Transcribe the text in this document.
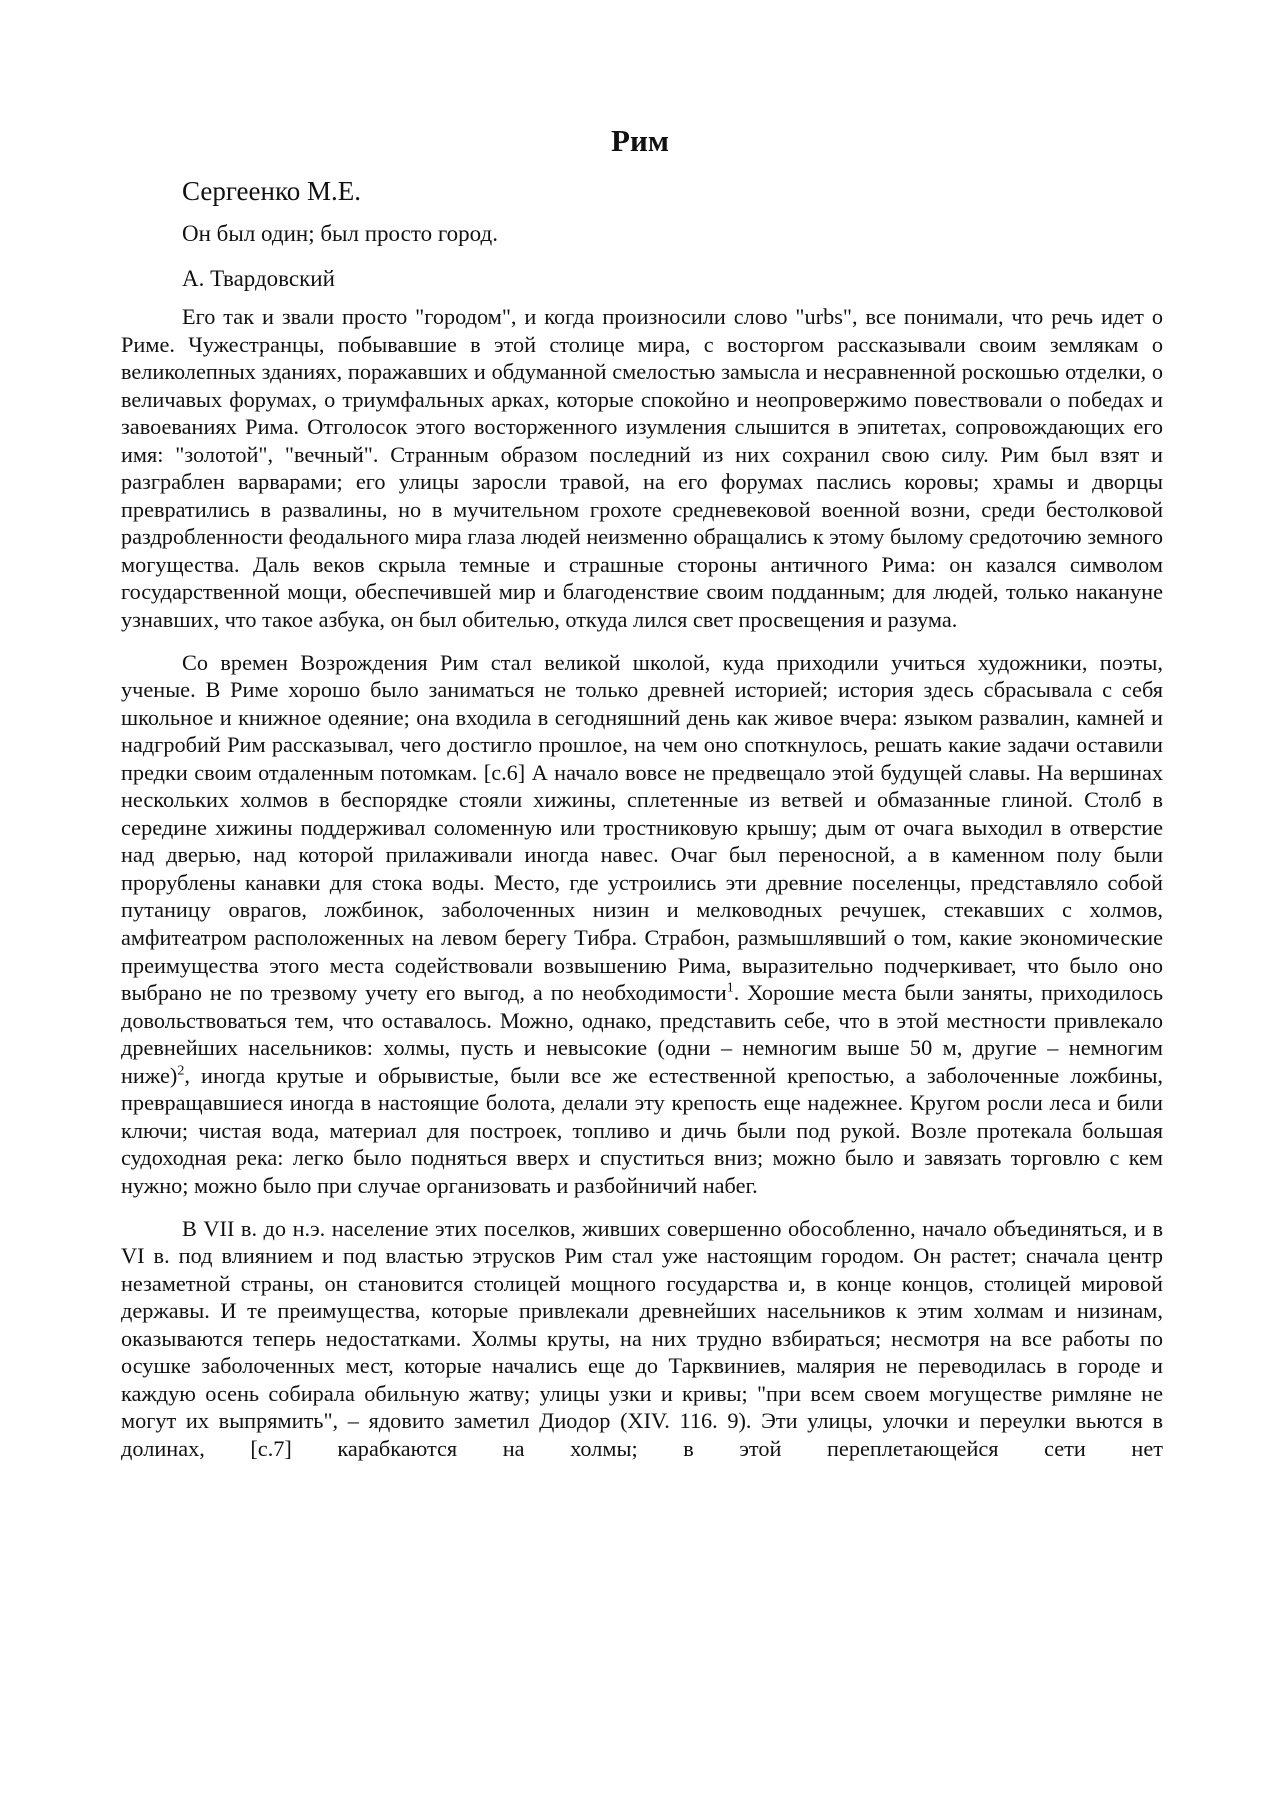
Рим
Сергеенко М.Е.
Он был один; был просто город.
А. Твардовский

Его так и звали просто "городом", и когда произносили слово "urbs", все понимали, что речь идет о Риме. Чужестранцы, побывавшие в этой столице мира, с восторгом рассказывали своим землякам о великолепных зданиях, поражавших и обдуманной смелостью замысла и несравненной роскошью отделки, о величавых форумах, о триумфальных арках, которые спокойно и неопровержимо повествовали о победах и завоеваниях Рима. Отголосок этого восторженного изумления слышится в эпитетах, сопровождающих его имя: "золотой", "вечный". Странным образом последний из них сохранил свою силу. Рим был взят и разграблен варварами; его улицы заросли травой, на его форумах паслись коровы; храмы и дворцы превратились в развалины, но в мучительном грохоте средневековой военной возни, среди бестолковой раздробленности феодального мира глаза людей неизменно обращались к этому былому средоточию земного могущества. Даль веков скрыла темные и страшные стороны античного Рима: он казался символом государственной мощи, обеспечившей мир и благоденствие своим подданным; для людей, только накануне узнавших, что такое азбука, он был обителью, откуда лился свет просвещения и разума.

Со времен Возрождения Рим стал великой школой, куда приходили учиться художники, поэты, ученые. В Риме хорошо было заниматься не только древней историей; история здесь сбрасывала с себя школьное и книжное одеяние; она входила в сегодняшний день как живое вчера: языком развалин, камней и надгробий Рим рассказывал, чего достигло прошлое, на чем оно споткнулось, решать какие задачи оставили предки своим отдаленным потомкам. [с.6] А начало вовсе не предвещало этой будущей славы. На вершинах нескольких холмов в беспорядке стояли хижины, сплетенные из ветвей и обмазанные глиной. Столб в середине хижины поддерживал соломенную или тростниковую крышу; дым от очага выходил в отверстие над дверью, над которой прилаживали иногда навес. Очаг был переносной, а в каменном полу были прорублены канавки для стока воды. Место, где устроились эти древние поселенцы, представляло собой путаницу оврагов, ложбинок, заболоченных низин и мелководных речушек, стекавших с холмов, амфитеатром расположенных на левом берегу Тибра. Страбон, размышлявший о том, какие экономические преимущества этого места содействовали возвышению Рима, выразительно подчеркивает, что было оно выбрано не по трезвому учету его выгод, а по необходимости$^1$. Хорошие места были заняты, приходилось довольствоваться тем, что оставалось. Можно, однако, представить себе, что в этой местности привлекало древнейших насельников: холмы, пусть и невысокие (одни – немногим выше 50 м, другие – немногим ниже)$^2$, иногда крутые и обрывистые, были все же естественной крепостью, а заболоченные ложбины, превращавшиеся иногда в настоящие болота, делали эту крепость еще надежнее. Кругом росли леса и били ключи; чистая вода, материал для построек, топливо и дичь были под рукой. Возле протекала большая судоходная река: легко было подняться вверх и спуститься вниз; можно было и завязать торговлю с кем нужно; можно было при случае организовать и разбойничий набег.

В VII в. до н.э. население этих поселков, живших совершенно обособленно, начало объединяться, и в VI в. под влиянием и под властью этрусков Рим стал уже настоящим городом. Он растет; сначала центр незаметной страны, он становится столицей мощного государства и, в конце концов, столицей мировой державы. И те преимущества, которые привлекали древнейших насельников к этим холмам и низинам, оказываются теперь недостатками. Холмы круты, на них трудно взбираться; несмотря на все работы по осушке заболоченных мест, которые начались еще до Тарквиниев, малярия не переводилась в городе и каждую осень собирала обильную жатву; улицы узки и кривы; "при всем своем могуществе римляне не могут их выпрямить", – ядовито заметил Диодор (XIV. 116. 9). Эти улицы, улочки и переулки вьются в долинах, [с.7] карабкаются на холмы; в этой переплетающейся сети нет
